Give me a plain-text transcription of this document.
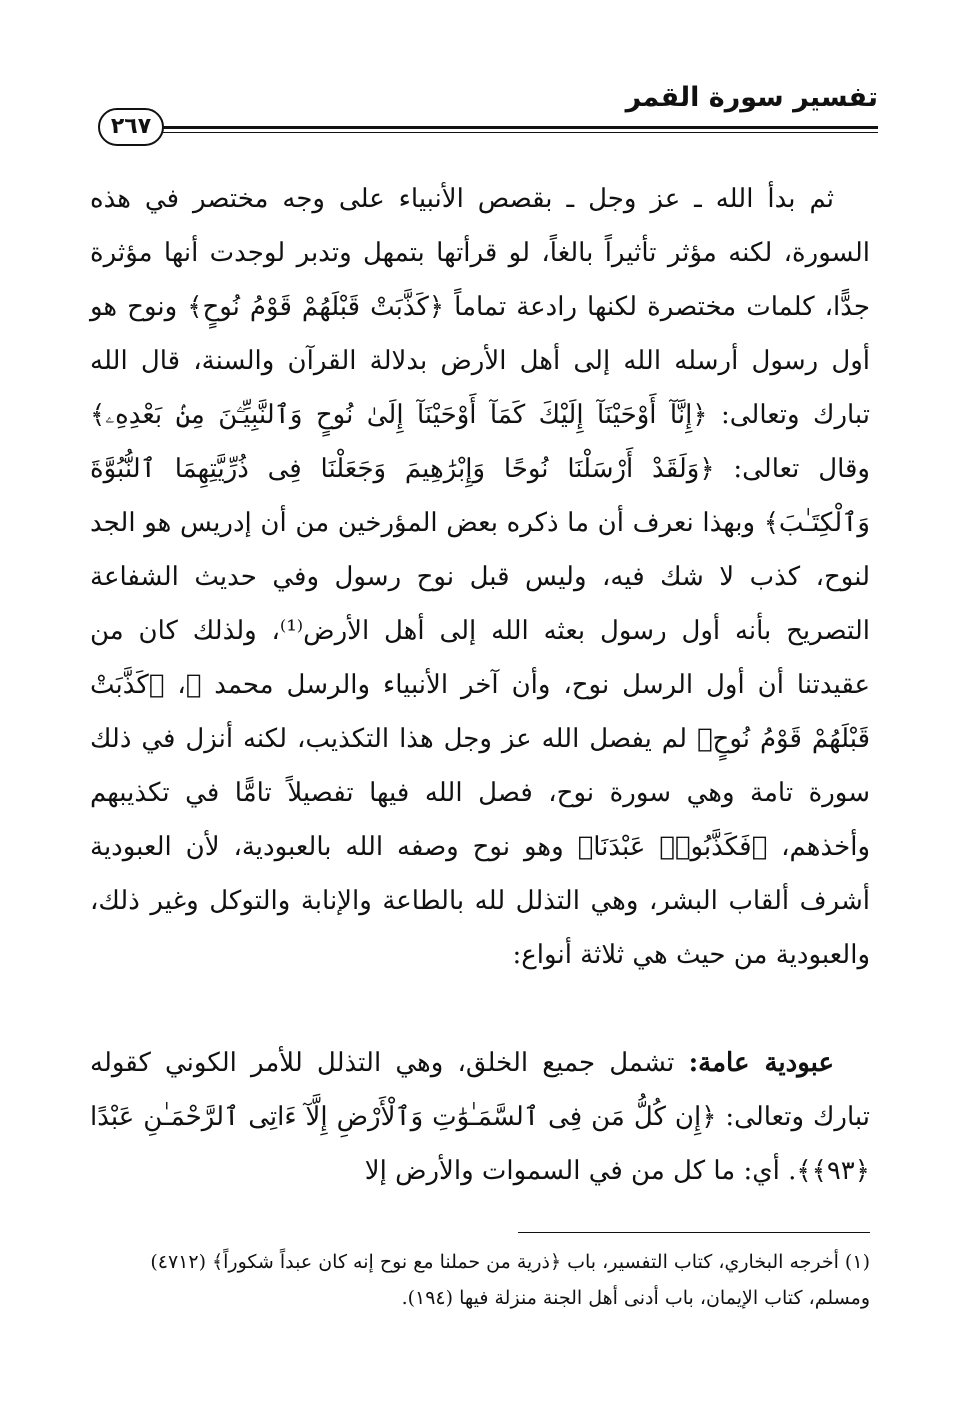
تفسير سورة القمر
٢٦٧

ثم بدأ الله ـ عز وجل ـ بقصص الأنبياء على وجه مختصر في هذه السورة، لكنه مؤثر تأثيراً بالغاً، لو قرأتها بتمهل وتدبر لوجدت أنها مؤثرة جدًّا، كلمات مختصرة لكنها رادعة تماماً ﴿كَذَّبَتْ قَبْلَهُمْ قَوْمُ نُوحٍ﴾ ونوح هو أول رسول أرسله الله إلى أهل الأرض بدلالة القرآن والسنة، قال الله تبارك وتعالى: ﴿إِنَّآ أَوْحَيْنَآ إِلَيْكَ كَمَآ أَوْحَيْنَآ إِلَىٰ نُوحٍ وَٱلنَّبِيِّـۧنَ مِنۢ بَعْدِهِۦ﴾ وقال تعالى: ﴿وَلَقَدْ أَرْسَلْنَا نُوحًا وَإِبْرَٰهِيمَ وَجَعَلْنَا فِى ذُرِّيَّتِهِمَا ٱلنُّبُوَّةَ وَٱلْكِتَـٰبَ﴾ وبهذا نعرف أن ما ذكره بعض المؤرخين من أن إدريس هو الجد لنوح، كذب لا شك فيه، وليس قبل نوح رسول وفي حديث الشفاعة التصريح بأنه أول رسول بعثه الله إلى أهل الأرض⁽¹⁾، ولذلك كان من عقيدتنا أن أول الرسل نوح، وأن آخر الأنبياء والرسل محمد ﷺ، ﴿كَذَّبَتْ قَبْلَهُمْ قَوْمُ نُوحٍ﴾ لم يفصل الله عز وجل هذا التكذيب، لكنه أنزل في ذلك سورة تامة وهي سورة نوح، فصل الله فيها تفصيلاً تامًّا في تكذيبهم وأخذهم، ﴿فَكَذَّبُوا۟ عَبْدَنَا﴾ وهو نوح وصفه الله بالعبودية، لأن العبودية أشرف ألقاب البشر، وهي التذلل لله بالطاعة والإنابة والتوكل وغير ذلك، والعبودية من حيث هي ثلاثة أنواع:

عبودية عامة: تشمل جميع الخلق، وهي التذلل للأمر الكوني كقوله تبارك وتعالى: ﴿إِن كُلُّ مَن فِى ٱلسَّمَـٰوَٰتِ وَٱلْأَرْضِ إِلَّآ ءَاتِى ٱلرَّحْمَـٰنِ عَبْدًا ﴿٩٣﴾﴾. أي: ما كل من في السموات والأرض إلا

(١) أخرجه البخاري، كتاب التفسير، باب ﴿ذرية من حملنا مع نوح إنه كان عبداً شكوراً﴾ (٤٧١٢) ومسلم، كتاب الإيمان، باب أدنى أهل الجنة منزلة فيها (١٩٤).
